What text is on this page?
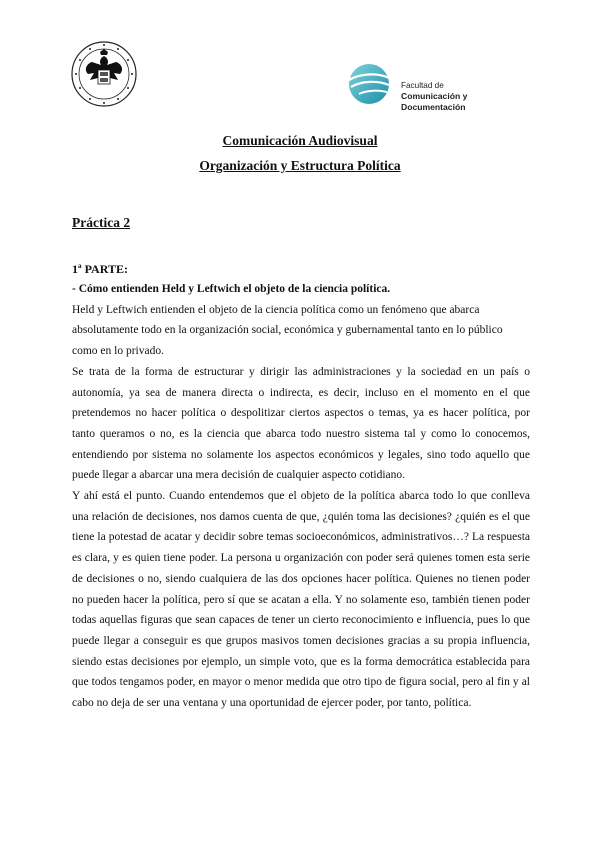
Facultad de
Comunicación y Documentación
Comunicación Audiovisual
Organización y Estructura Política
Práctica 2
1ª PARTE:

- Cómo entienden Held y Leftwich el objeto de la ciencia política.

Held y Leftwich entienden el objeto de la ciencia política como un fenómeno que abarca absolutamente todo en la organización social, económica y gubernamental tanto en lo público como en lo privado.

Se trata de la forma de estructurar y dirigir las administraciones y la sociedad en un país o autonomía, ya sea de manera directa o indirecta, es decir, incluso en el momento en el que pretendemos no hacer política o despolitizar ciertos aspectos o temas, ya es hacer política, por tanto queramos o no, es la ciencia que abarca todo nuestro sistema tal y como lo conocemos, entendiendo por sistema no solamente los aspectos económicos y legales, sino todo aquello que puede llegar a abarcar una mera decisión de cualquier aspecto cotidiano.

Y ahí está el punto. Cuando entendemos que el objeto de la política abarca todo lo que conlleva una relación de decisiones, nos damos cuenta de que, ¿quién toma las decisiones? ¿quién es el que tiene la potestad de acatar y decidir sobre temas socioeconómicos, administrativos…? La respuesta es clara, y es quien tiene poder. La persona u organización con poder será quienes tomen esta serie de decisiones o no, siendo cualquiera de las dos opciones hacer política. Quienes no tienen poder no pueden hacer la política, pero sí que se acatan a ella. Y no solamente eso, también tienen poder todas aquellas figuras que sean capaces de tener un cierto reconocimiento e influencia, pues lo que puede llegar a conseguir es que grupos masivos tomen decisiones gracias a su propia influencia, siendo estas decisiones por ejemplo, un simple voto, que es la forma democrática establecida para que todos tengamos poder, en mayor o menor medida que otro tipo de figura social, pero al fin y al cabo no deja de ser una ventana y una oportunidad de ejercer poder, por tanto, política.
